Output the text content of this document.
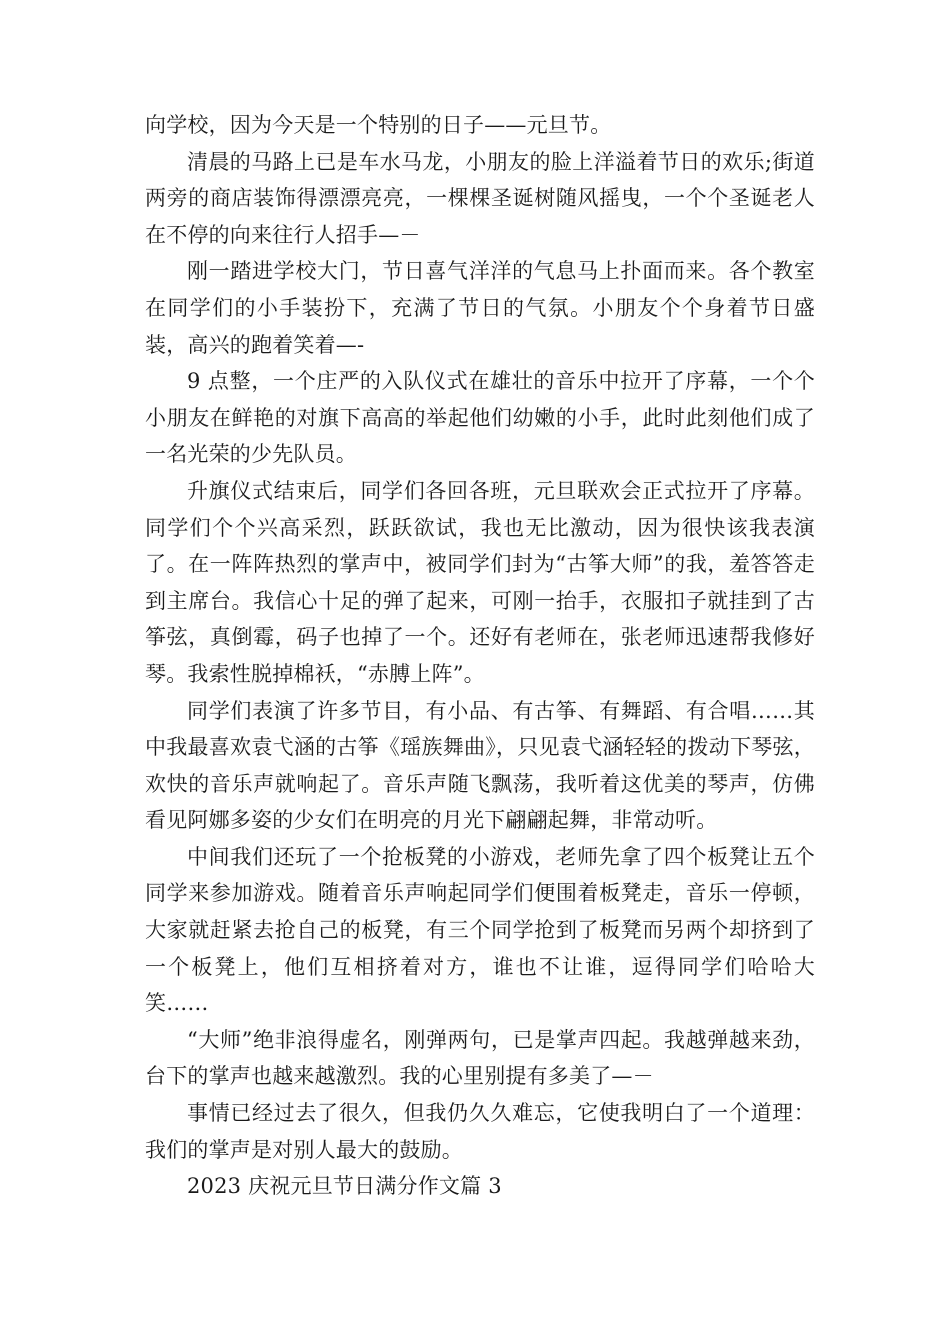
向学校，因为今天是一个特别的日子——元旦节。

清晨的马路上已是车水马龙，小朋友的脸上洋溢着节日的欢乐;街道两旁的商店装饰得漂漂亮亮，一棵棵圣诞树随风摇曳，一个个圣诞老人在不停的向来往行人招手—－

刚一踏进学校大门，节日喜气洋洋的气息马上扑面而来。各个教室在同学们的小手装扮下，充满了节日的气氛。小朋友个个身着节日盛装，高兴的跑着笑着—-

9 点整，一个庄严的入队仪式在雄壮的音乐中拉开了序幕，一个个小朋友在鲜艳的对旗下高高的举起他们幼嫩的小手，此时此刻他们成了一名光荣的少先队员。

升旗仪式结束后，同学们各回各班，元旦联欢会正式拉开了序幕。同学们个个兴高采烈，跃跃欲试，我也无比激动，因为很快该我表演了。在一阵阵热烈的掌声中，被同学们封为“古筝大师”的我，羞答答走到主席台。我信心十足的弹了起来，可刚一抬手，衣服扣子就挂到了古筝弦，真倒霉，码子也掉了一个。还好有老师在，张老师迅速帮我修好琴。我索性脱掉棉袄，“赤膊上阵”。

同学们表演了许多节目，有小品、有古筝、有舞蹈、有合唱……其中我最喜欢袁弋涵的古筝《瑶族舞曲》，只见袁弋涵轻轻的拨动下琴弦，欢快的音乐声就响起了。音乐声随飞飘荡，我听着这优美的琴声，仿佛看见阿娜多姿的少女们在明亮的月光下翩翩起舞，非常动听。

中间我们还玩了一个抢板凳的小游戏，老师先拿了四个板凳让五个同学来参加游戏。随着音乐声响起同学们便围着板凳走，音乐一停顿，大家就赶紧去抢自己的板凳，有三个同学抢到了板凳而另两个却挤到了一个板凳上，他们互相挤着对方，谁也不让谁，逗得同学们哈哈大笑……

“大师”绝非浪得虚名，刚弹两句，已是掌声四起。我越弹越来劲，台下的掌声也越来越激烈。我的心里别提有多美了—－

事情已经过去了很久，但我仍久久难忘，它使我明白了一个道理：我们的掌声是对别人最大的鼓励。

2023 庆祝元旦节日满分作文篇 3
